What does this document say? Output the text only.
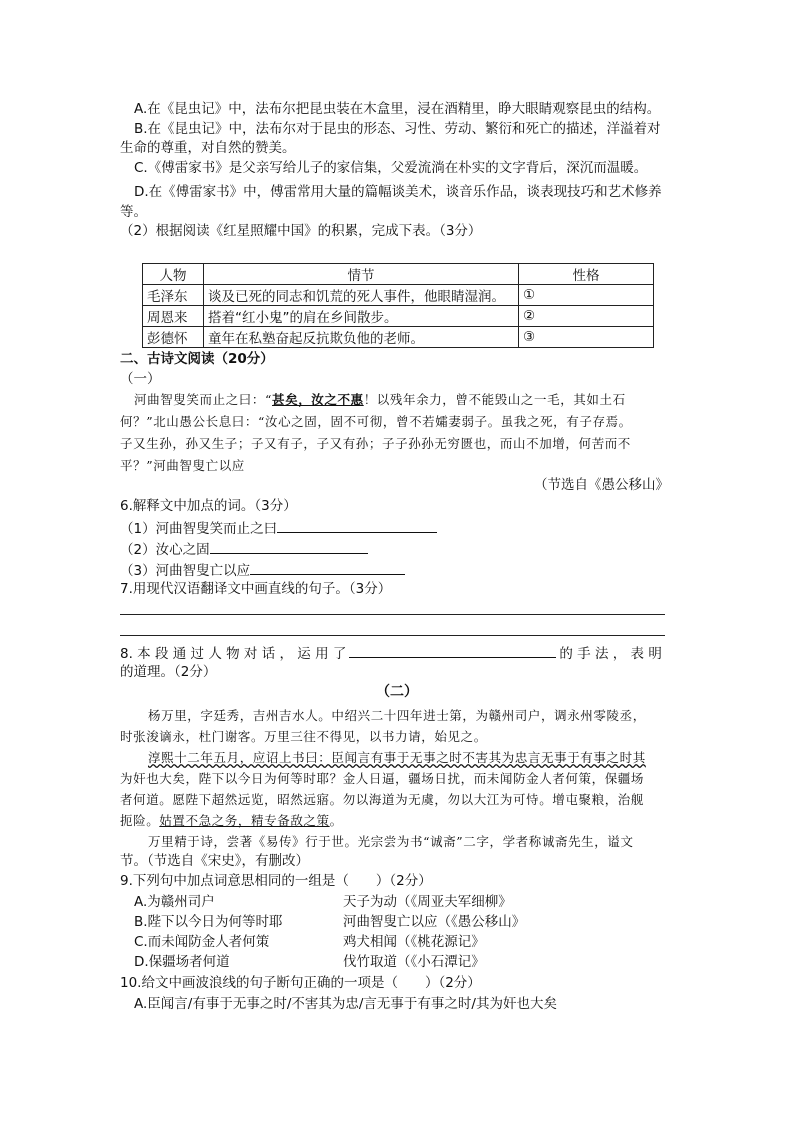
A.在《昆虫记》中，法布尔把昆虫装在木盒里，浸在酒精里，睁大眼睛观察昆虫的结构。
B.在《昆虫记》中，法布尔对于昆虫的形态、习性、劳动、繁衍和死亡的描述，洋溢着对
生命的尊重，对自然的赞美。
C.《傅雷家书》是父亲写给儿子的家信集，父爱流淌在朴实的文字背后，深沉而温暖。
D.在《傅雷家书》中，傅雷常用大量的篇幅谈美术，谈音乐作品，谈表现技巧和艺术修养
等。
（2）根据阅读《红星照耀中国》的积累，完成下表。（3分）
人物	情节	性格
毛泽东	谈及已死的同志和饥荒的死人事件，他眼睛湿润。	①
周恩来	搭着“红小鬼”的肩在乡间散步。	②
彭德怀	童年在私塾奋起反抗欺负他的老师。	③
二、古诗文阅读（20分）
（一）
河曲智叟笑而止之曰：“甚矣，汝之不惠！以残年余力，曾不能毁山之一毛，其如土石
何？”北山愚公长息曰：“汝心之固，固不可彻，曾不若孀妻弱子。虽我之死，有子存焉。
子又生孙，孙又生子；子又有子，子又有孙；子子孙孙无穷匮也，而山不加增，何苦而不
平？”河曲智叟亡以应
（节选自《愚公移山》
6.解释文中加点的词。（3分）
（1）河曲智叟笑而止之曰
（2）汝心之固
（3）河曲智叟亡以应
7.用现代汉语翻译文中画直线的句子。（3分）
8. 本 段 通 过 人 物 对 话 ， 运 用 了	的 手 法 ， 表 明
的道理。（2分）
（二）
杨万里，字廷秀，吉州吉水人。中绍兴二十四年进士第，为赣州司户，调永州零陵丞，
时张浚谪永，杜门谢客。万里三往不得见，以书力请，始见之。
淳熙十二年五月，应诏上书曰：臣闻言有事于无事之时不害其为忠言无事于有事之时其
为奸也大矣，陛下以今日为何等时耶？金人日逼，疆场日扰，而未闻防金人者何策，保疆场
者何道。愿陛下超然远览，昭然远寤。勿以海道为无虞，勿以大江为可恃。增屯聚粮，治舰
扼险。姑置不急之务，精专备敌之策。
万里精于诗，尝著《易传》行于世。光宗尝为书“诚斋”二字，学者称诚斋先生，谥文
节。（节选自《宋史》，有删改）
9.下列句中加点词意思相同的一组是（　　）（2分）
A.为赣州司户	天子为动（《周亚夫军细柳》
B.陛下以今日为何等时耶	河曲智叟亡以应（《愚公移山》
C.而未闻防金人者何策	鸡犬相闻（《桃花源记》
D.保疆场者何道	伐竹取道（《小石潭记》
10.给文中画波浪线的句子断句正确的一项是（　　）（2分）
A.臣闻言/有事于无事之时/不害其为忠/言无事于有事之时/其为奸也大矣
